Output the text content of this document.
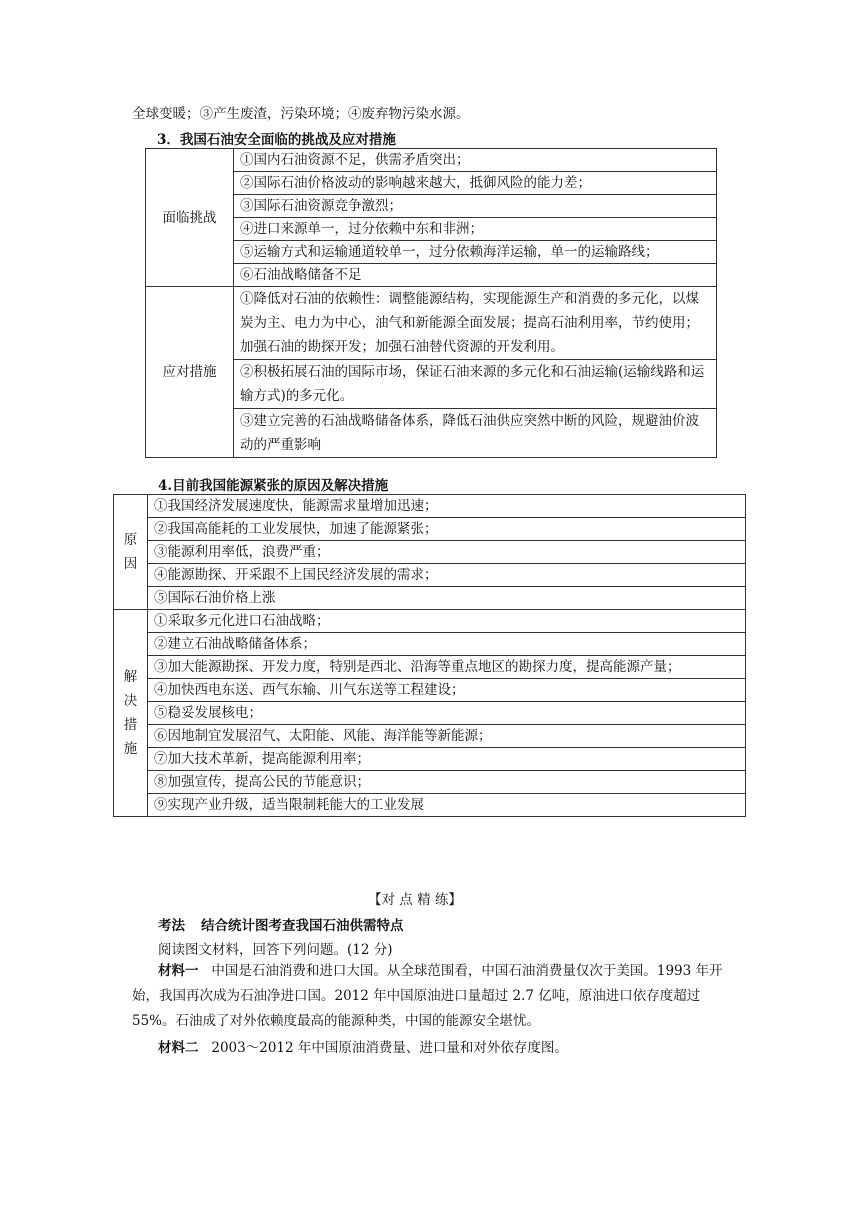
全球变暖；③产生废渣，污染环境；④废弃物污染水源。
3．我国石油安全面临的挑战及应对措施
面临挑战	①国内石油资源不足，供需矛盾突出；
	②国际石油价格波动的影响越来越大，抵御风险的能力差；
	③国际石油资源竞争激烈；
	④进口来源单一，过分依赖中东和非洲；
	⑤运输方式和运输通道较单一，过分依赖海洋运输，单一的运输路线；
	⑥石油战略储备不足
应对措施	①降低对石油的依赖性：调整能源结构，实现能源生产和消费的多元化，以煤炭为主、电力为中心，油气和新能源全面发展；提高石油利用率，节约使用；加强石油的勘探开发；加强石油替代资源的开发利用。
	②积极拓展石油的国际市场，保证石油来源的多元化和石油运输(运输线路和运输方式)的多元化。
	③建立完善的石油战略储备体系，降低石油供应突然中断的风险，规避油价波动的严重影响
4.目前我国能源紧张的原因及解决措施
原
因	①我国经济发展速度快，能源需求量增加迅速；
	②我国高能耗的工业发展快，加速了能源紧张；
	③能源利用率低，浪费严重；
	④能源勘探、开采跟不上国民经济发展的需求；
	⑤国际石油价格上涨

解
决
措
施	①采取多元化进口石油战略；
	②建立石油战略储备体系；
	③加大能源勘探、开发力度，特别是西北、沿海等重点地区的勘探力度，提高能源产量；
	④加快西电东送、西气东输、川气东送等工程建设；
	⑤稳妥发展核电；
	⑥因地制宜发展沼气、太阳能、风能、海洋能等新能源；
	⑦加大技术革新，提高能源利用率；
	⑧加强宣传，提高公民的节能意识；
	⑨实现产业升级，适当限制耗能大的工业发展
【对 点 精 练】
考法 结合统计图考查我国石油供需特点
阅读图文材料，回答下列问题。(12 分)
材料一 中国是石油消费和进口大国。从全球范围看，中国石油消费量仅次于美国。1993 年开始，我国再次成为石油净进口国。2012 年中国原油进口量超过 2.7 亿吨，原油进口依存度超过 55%。石油成了对外依赖度最高的能源种类，中国的能源安全堪忧。
材料二 2003～2012 年中国原油消费量、进口量和对外依存度图。
